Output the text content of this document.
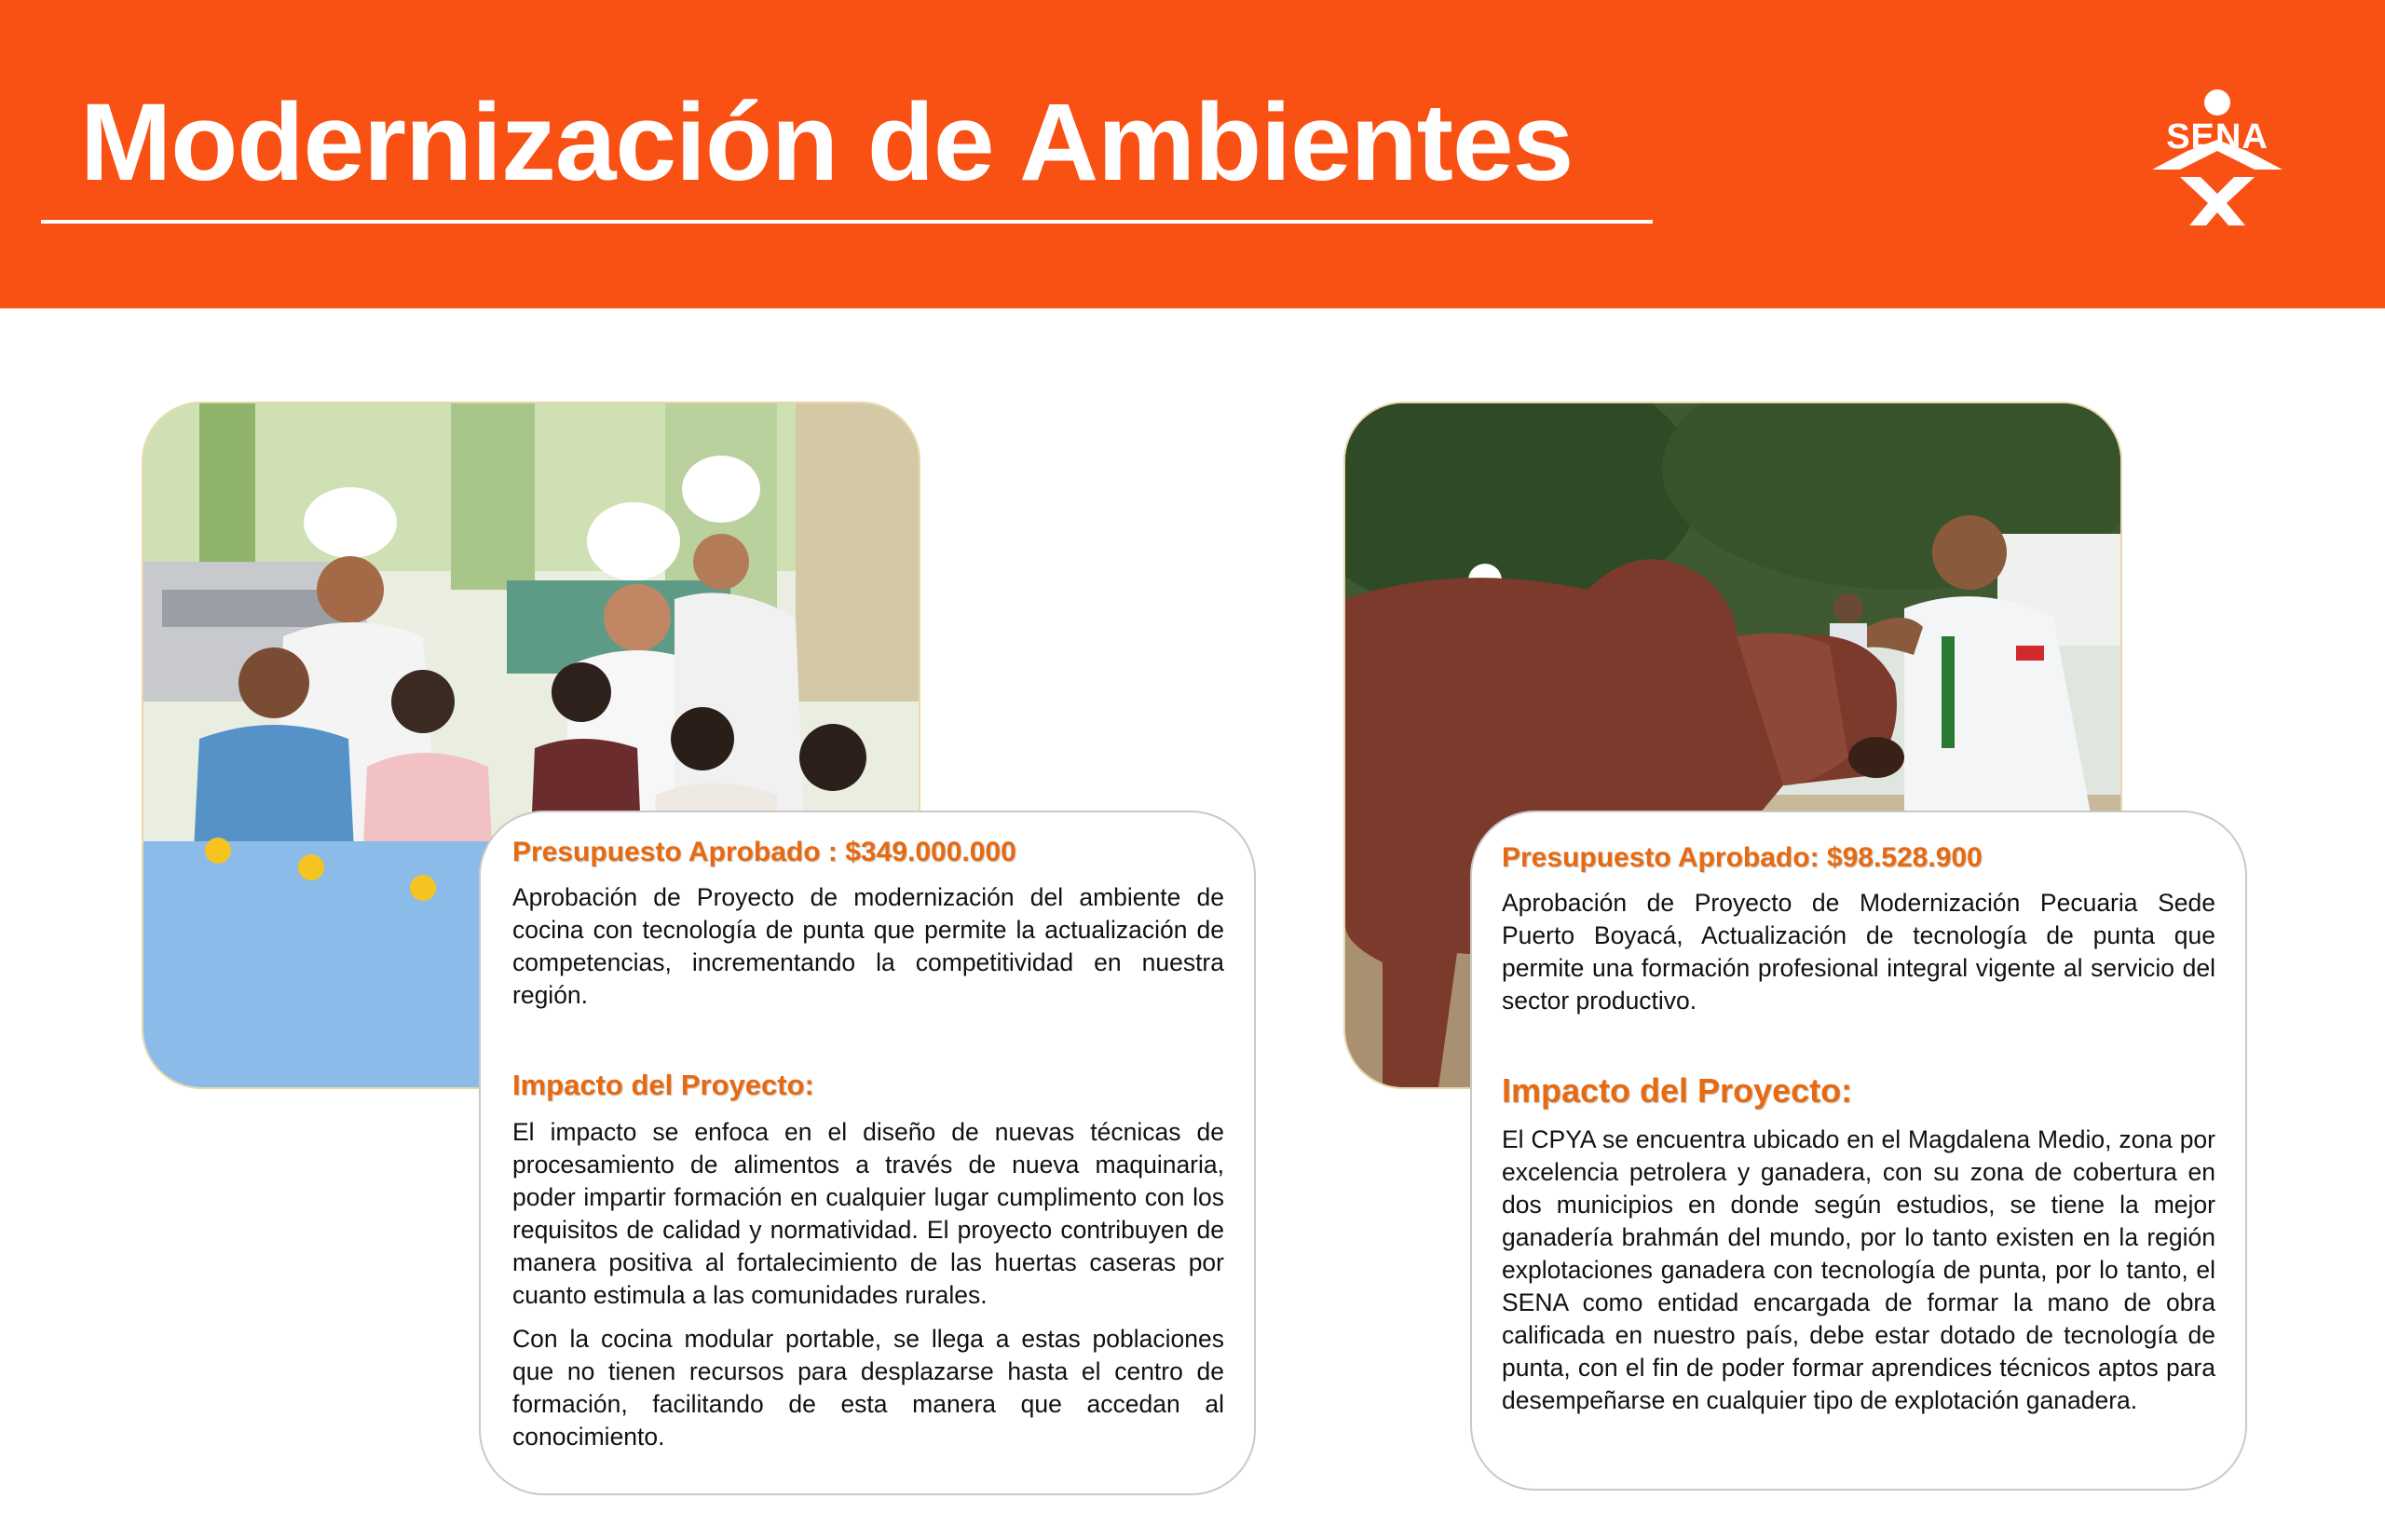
Modernización de Ambientes	SENA

Presupuesto Aprobado : $349.000.000

Aprobación de Proyecto de modernización del ambiente de cocina con tecnología de punta que permite la actualización de competencias, incrementando la competitividad en nuestra región.

Impacto del Proyecto:

El impacto se enfoca en el diseño de nuevas técnicas de procesamiento de alimentos a través de nueva maquinaria, poder impartir formación en cualquier lugar cumplimento con los requisitos de calidad y normatividad. El proyecto contribuyen de manera positiva al fortalecimiento de las huertas caseras por cuanto estimula a las comunidades rurales.

Con la cocina modular portable, se llega a estas poblaciones que no tienen recursos para desplazarse hasta el centro de formación, facilitando de esta manera que accedan al conocimiento.

Presupuesto Aprobado: $98.528.900

Aprobación de Proyecto de Modernización Pecuaria Sede Puerto Boyacá, Actualización de tecnología de punta que permite una formación profesional integral vigente al servicio del sector productivo.

Impacto del Proyecto:

El CPYA se encuentra ubicado en el Magdalena Medio, zona por excelencia petrolera y ganadera, con su zona de cobertura en dos municipios en donde según estudios, se tiene la mejor ganadería brahmán del mundo, por lo tanto existen en la región explotaciones ganadera con tecnología de punta, por lo tanto, el SENA como entidad encargada de formar la mano de obra calificada en nuestro país, debe estar dotado de tecnología de punta, con el fin de poder formar aprendices técnicos aptos para desempeñarse en cualquier tipo de explotación ganadera.
